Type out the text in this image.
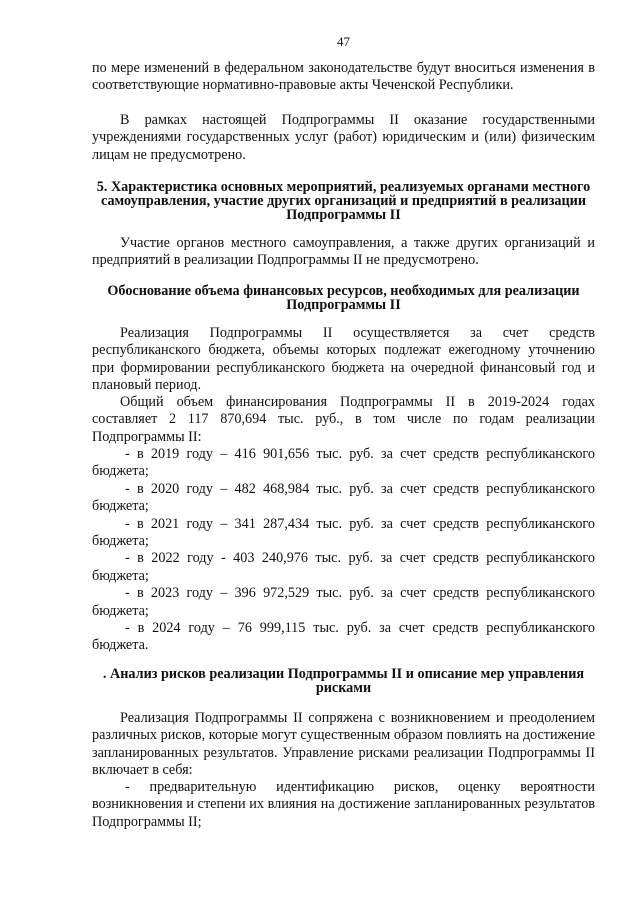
47

по мере изменений в федеральном законодательстве будут вноситься изменения в соответствующие нормативно-правовые акты Чеченской Республики.

В рамках настоящей Подпрограммы II оказание государственными учреждениями государственных услуг (работ) юридическим и (или) физическим лицам не предусмотрено.

5. Характеристика основных мероприятий, реализуемых органами местного самоуправления, участие других организаций и предприятий в реализации Подпрограммы II

Участие органов местного самоуправления, а также других организаций и предприятий в реализации Подпрограммы II не предусмотрено.

Обоснование объема финансовых ресурсов, необходимых для реализации Подпрограммы II

Реализация Подпрограммы II осуществляется за счет средств республиканского бюджета, объемы которых подлежат ежегодному уточнению при формировании республиканского бюджета на очередной финансовый год и плановый период.

Общий объем финансирования Подпрограммы II в 2019-2024 годах составляет 2 117 870,694 тыс. руб., в том числе по годам реализации Подпрограммы II:

- в 2019 году – 416 901,656 тыс. руб. за счет средств республиканского бюджета;

- в 2020 году – 482 468,984 тыс. руб. за счет средств республиканского бюджета;

- в 2021 году – 341 287,434 тыс. руб. за счет средств республиканского бюджета;

- в 2022 году - 403 240,976 тыс. руб. за счет средств республиканского бюджета;

- в 2023 году – 396 972,529 тыс. руб. за счет средств республиканского бюджета;

- в 2024 году – 76 999,115 тыс. руб. за счет средств республиканского бюджета.

. Анализ рисков реализации Подпрограммы II и описание мер управления рисками

Реализация Подпрограммы II сопряжена с возникновением и преодолением различных рисков, которые могут существенным образом повлиять на достижение запланированных результатов. Управление рисками реализации Подпрограммы II включает в себя:

- предварительную идентификацию рисков, оценку вероятности возникновения и степени их влияния на достижение запланированных результатов Подпрограммы II;
